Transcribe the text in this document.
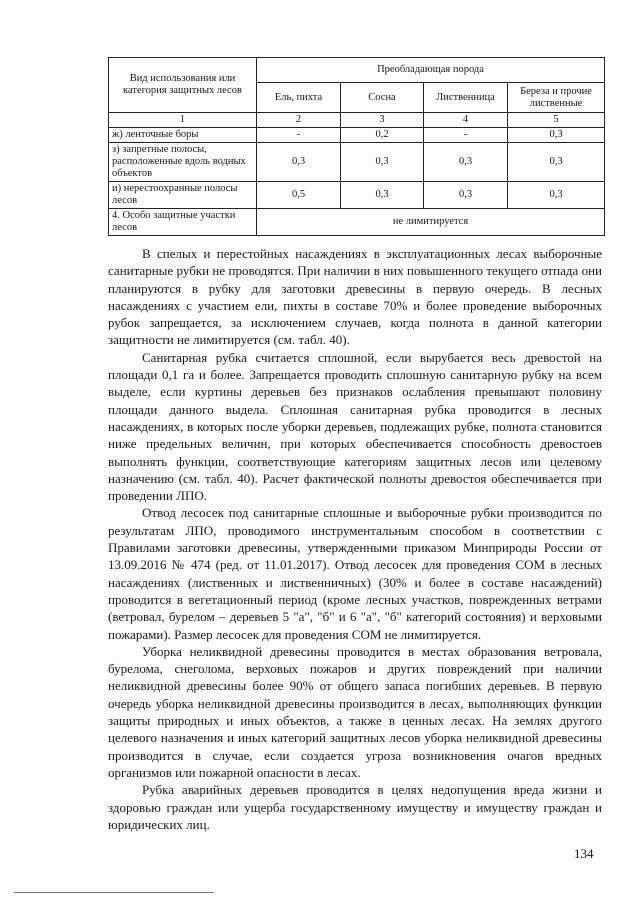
Вид использования или категория защитных лесов	Преобладающая порода			
	Ель, пихта	Сосна	Лиственница	Береза и прочие лиственные
1	2	3	4	5
ж) ленточные боры	-	0,2	-	0,3
з) запретные полосы, расположенные вдоль водных объектов	0,3	0,3	0,3	0,3
и) нерестоохранные полосы лесов	0,5	0,3	0,3	0,3
4. Особо защитные участки лесов	не лимитируется			

В спелых и перестойных насаждениях в эксплуатационных лесах выборочные санитарные рубки не проводятся. При наличии в них повышенного текущего отпада они планируются в рубку для заготовки древесины в первую очередь. В лесных насаждениях с участием ели, пихты в составе 70% и более проведение выборочных рубок запрещается, за исключением случаев, когда полнота в данной категории защитности не лимитируется (см. табл. 40).

Санитарная рубка считается сплошной, если вырубается весь древостой на площади 0,1 га и более. Запрещается проводить сплошную санитарную рубку на всем выделе, если куртины деревьев без признаков ослабления превышают половину площади данного выдела. Сплошная санитарная рубка проводится в лесных насаждениях, в которых после уборки деревьев, подлежащих рубке, полнота становится ниже предельных величин, при которых обеспечивается способность древостоев выполнять функции, соответствующие категориям защитных лесов или целевому назначению (см. табл. 40). Расчет фактической полноты древостоя обеспечивается при проведении ЛПО.

Отвод лесосек под санитарные сплошные и выборочные рубки производится по результатам ЛПО, проводимого инструментальным способом в соответствии с Правилами заготовки древесины, утвержденными приказом Минприроды России от 13.09.2016 № 474 (ред. от 11.01.2017). Отвод лесосек для проведения СОМ в лесных насаждениях (лиственных и лиственничных) (30% и более в составе насаждений) проводится в вегетационный период (кроме лесных участков, поврежденных ветрами (ветровал, бурелом – деревьев 5 "а", "б" и 6 "а", "б" категорий состояния) и верховыми пожарами). Размер лесосек для проведения СОМ не лимитируется.

Уборка неликвидной древесины проводится в местах образования ветровала, бурелома, снеголома, верховых пожаров и других повреждений при наличии неликвидной древесины более 90% от общего запаса погибших деревьев. В первую очередь уборка неликвидной древесины производится в лесах, выполняющих функции защиты природных и иных объектов, а также в ценных лесах. На землях другого целевого назначения и иных категорий защитных лесов уборка неликвидной древесины производится в случае, если создается угроза возникновения очагов вредных организмов или пожарной опасности в лесах.

Рубка аварийных деревьев проводится в целях недопущения вреда жизни и здоровью граждан или ущерба государственному имуществу и имуществу граждан и юридических лиц.

134
